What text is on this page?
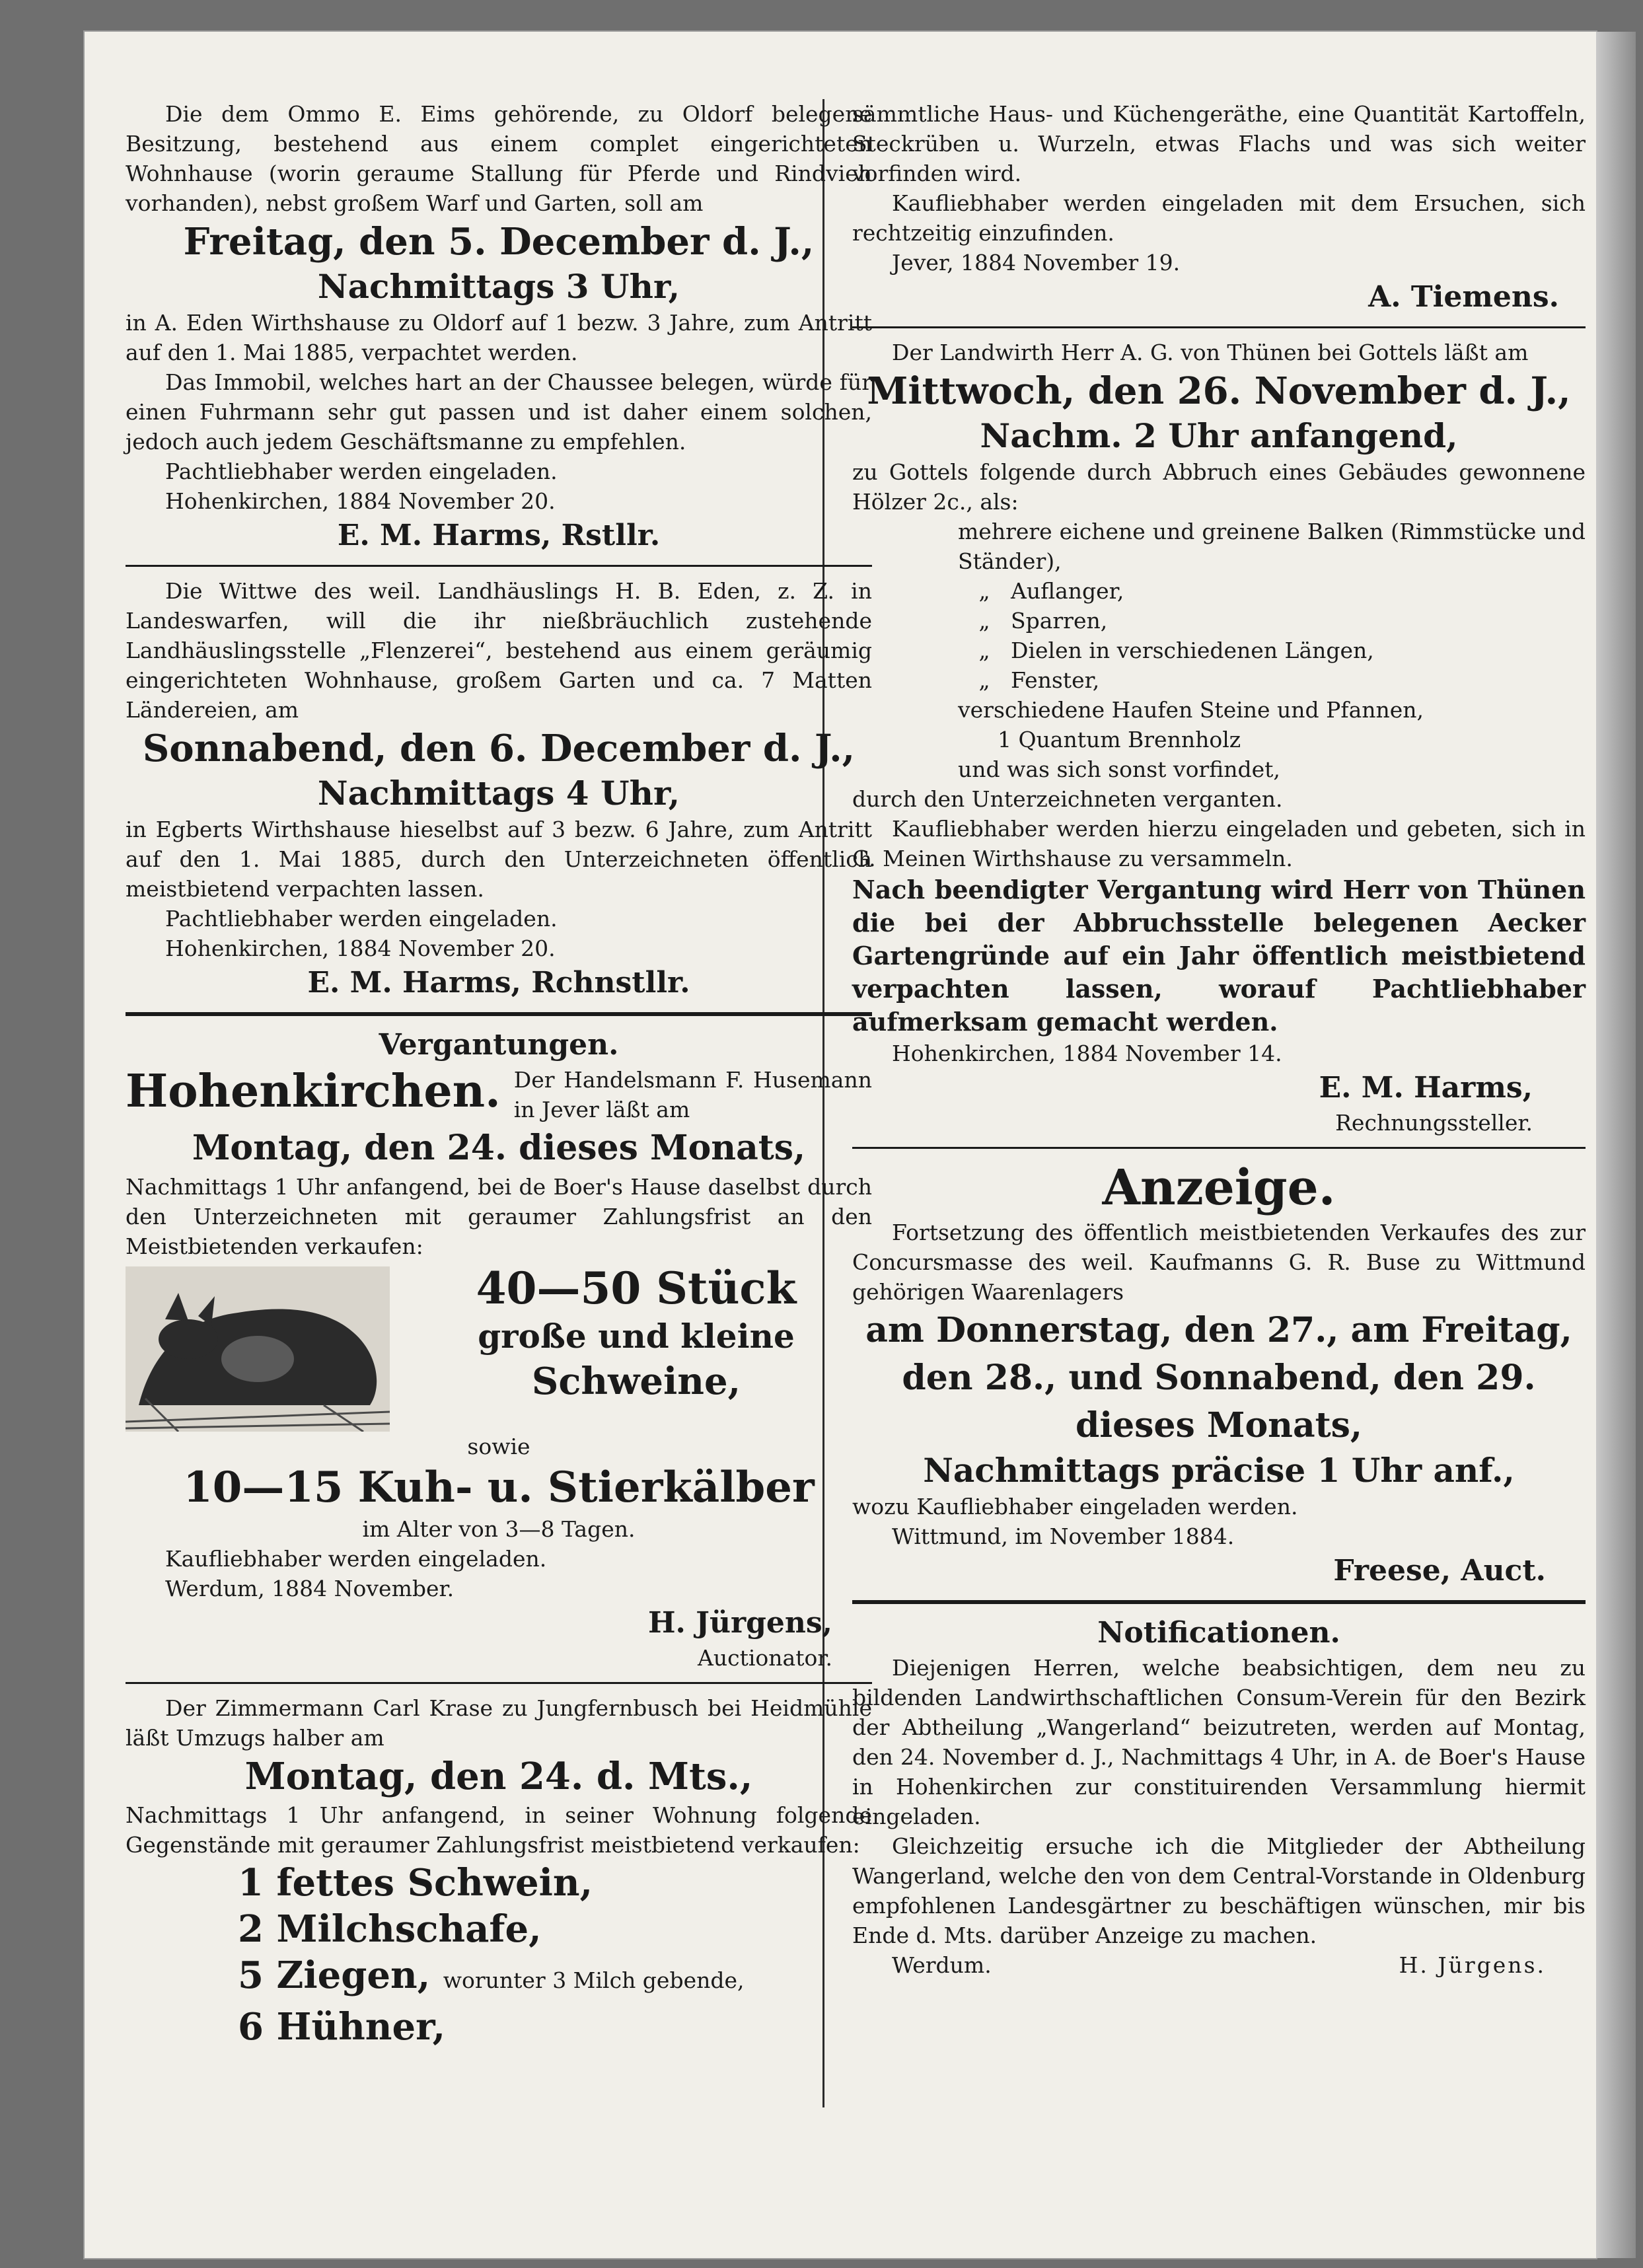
Die dem Ommo E. Eims gehörende, zu Oldorf belegene Besitzung, bestehend aus einem complet eingerichteten Wohnhause (worin geraume Stallung für Pferde und Rindvieh vorhanden), nebst großem Warf und Garten, soll am

Freitag, den 5. December d. J.,

Nachmittags 3 Uhr,

in A. Eden Wirthshause zu Oldorf auf 1 bezw. 3 Jahre, zum Antritt auf den 1. Mai 1885, verpachtet werden.

Das Immobil, welches hart an der Chaussee belegen, würde für einen Fuhrmann sehr gut passen und ist daher einem solchen, jedoch auch jedem Geschäftsmanne zu empfehlen.

Pachtliebhaber werden eingeladen.

Hohenkirchen, 1884 November 20.

E. M. Harms, Rstllr.

Die Wittwe des weil. Landhäuslings H. B. Eden, z. Z. in Landeswarfen, will die ihr nießbräuchlich zustehende Landhäuslingsstelle „Flenzerei“, bestehend aus einem geräumig eingerichteten Wohnhause, großem Garten und ca. 7 Matten Ländereien, am

Sonnabend, den 6. December d. J.,

Nachmittags 4 Uhr,

in Egberts Wirthshause hieselbst auf 3 bezw. 6 Jahre, zum Antritt auf den 1. Mai 1885, durch den Unterzeichneten öffentlich meistbietend verpachten lassen.

Pachtliebhaber werden eingeladen.

Hohenkirchen, 1884 November 20.

E. M. Harms, Rchnstllr.

Vergantungen.

Hohenkirchen. Der Handelsmann F. Husemann in Jever läßt am

Montag, den 24. dieses Monats,

Nachmittags 1 Uhr anfangend, bei de Boer's Hause daselbst durch den Unterzeichneten mit geraumer Zahlungsfrist an den Meistbietenden verkaufen:

40—50 Stück

große und kleine

Schweine,

sowie

10—15 Kuh- u. Stierkälber

im Alter von 3—8 Tagen.

Kaufliebhaber werden eingeladen.

Werdum, 1884 November.

H. Jürgens,

Auctionator.

Der Zimmermann Carl Krase zu Jungfernbusch bei Heidmühle läßt Umzugs halber am

Montag, den 24. d. Mts.,

Nachmittags 1 Uhr anfangend, in seiner Wohnung folgende Gegenstände mit geraumer Zahlungsfrist meistbietend verkaufen:

1 fettes Schwein,

2 Milchschafe,

5 Ziegen, worunter 3 Milch gebende,

6 Hühner,

sämmtliche Haus- und Küchengeräthe, eine Quantität Kartoffeln, Steckrüben u. Wurzeln, etwas Flachs und was sich weiter vorfinden wird.

Kaufliebhaber werden eingeladen mit dem Ersuchen, sich rechtzeitig einzufinden.

Jever, 1884 November 19.

A. Tiemens.

Der Landwirth Herr A. G. von Thünen bei Gottels läßt am

Mittwoch, den 26. November d. J.,

Nachm. 2 Uhr anfangend,

zu Gottels folgende durch Abbruch eines Gebäudes gewonnene Hölzer 2c., als:

mehrere eichene und greinene Balken (Rimmstücke und Ständer),

„ Auflanger,

„ Sparren,

„ Dielen in verschiedenen Längen,

„ Fenster,

verschiedene Haufen Steine und Pfannen,

1 Quantum Brennholz

und was sich sonst vorfindet,

durch den Unterzeichneten verganten.

Kaufliebhaber werden hierzu eingeladen und gebeten, sich in G. Meinen Wirthshause zu versammeln.

Nach beendigter Vergantung wird Herr von Thünen die bei der Abbruchsstelle belegenen Aecker Gartengründe auf ein Jahr öffentlich meistbietend verpachten lassen, worauf Pachtliebhaber aufmerksam gemacht werden.

Hohenkirchen, 1884 November 14.

E. M. Harms,

Rechnungssteller.

Anzeige.

Fortsetzung des öffentlich meistbietenden Verkaufes des zur Concursmasse des weil. Kaufmanns G. R. Buse zu Wittmund gehörigen Waarenlagers

am Donnerstag, den 27., am Freitag,

den 28., und Sonnabend, den 29.

dieses Monats,

Nachmittags präcise 1 Uhr anf.,

wozu Kaufliebhaber eingeladen werden.

Wittmund, im November 1884.

Freese, Auct.

Notificationen.

Diejenigen Herren, welche beabsichtigen, dem neu zu bildenden Landwirthschaftlichen Consum-Verein für den Bezirk der Abtheilung „Wangerland“ beizutreten, werden auf Montag, den 24. November d. J., Nachmittags 4 Uhr, in A. de Boer's Hause in Hohenkirchen zur constituirenden Versammlung hiermit eingeladen.

Gleichzeitig ersuche ich die Mitglieder der Abtheilung Wangerland, welche den von dem Central-Vorstande in Oldenburg empfohlenen Landesgärtner zu beschäftigen wünschen, mir bis Ende d. Mts. darüber Anzeige zu machen.

Werdum.	H. Jürgens.
